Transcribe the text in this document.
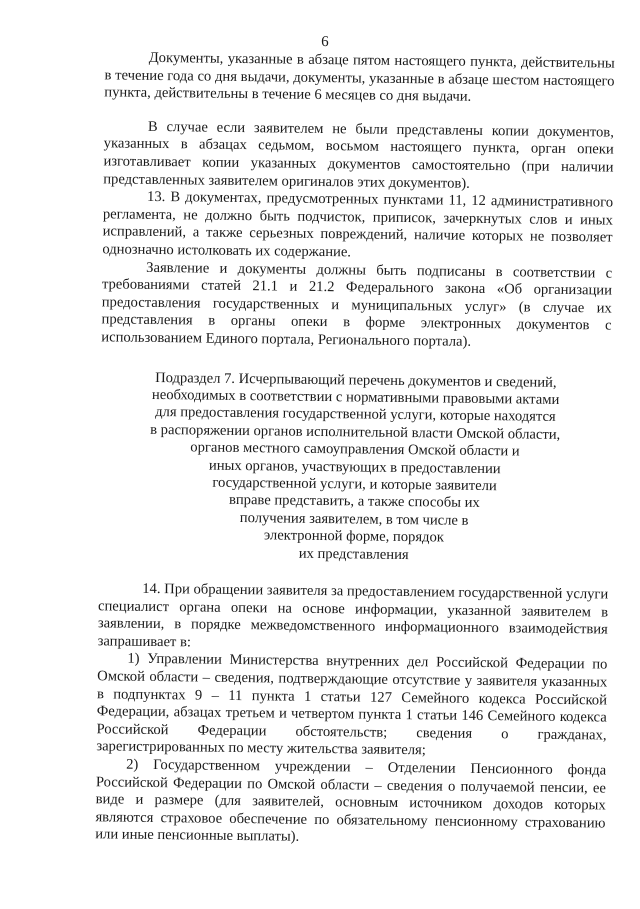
6

Документы, указанные в абзаце пятом настоящего пункта, действительны в течение года со дня выдачи, документы, указанные в абзаце шестом настоящего пункта, действительны в течение 6 месяцев со дня выдачи.

В случае если заявителем не были представлены копии документов, указанных в абзацах седьмом, восьмом настоящего пункта, орган опеки изготавливает копии указанных документов самостоятельно (при наличии представленных заявителем оригиналов этих документов).

13. В документах, предусмотренных пунктами 11, 12 административного регламента, не должно быть подчисток, приписок, зачеркнутых слов и иных исправлений, а также серьезных повреждений, наличие которых не позволяет однозначно истолковать их содержание.

Заявление и документы должны быть подписаны в соответствии с требованиями статей 21.1 и 21.2 Федерального закона «Об организации предоставления государственных и муниципальных услуг» (в случае их представления в органы опеки в форме электронных документов с использованием Единого портала, Регионального портала).

Подраздел 7. Исчерпывающий перечень документов и сведений,
необходимых в соответствии с нормативными правовыми актами
для предоставления государственной услуги, которые находятся
в распоряжении органов исполнительной власти Омской области,
органов местного самоуправления Омской области и
иных органов, участвующих в предоставлении
государственной услуги, и которые заявители
вправе представить, а также способы их
получения заявителем, в том числе в
электронной форме, порядок
их представления

14. При обращении заявителя за предоставлением государственной услуги специалист органа опеки на основе информации, указанной заявителем в заявлении, в порядке межведомственного информационного взаимодействия запрашивает в:

1) Управлении Министерства внутренних дел Российской Федерации по Омской области – сведения, подтверждающие отсутствие у заявителя указанных в подпунктах 9 – 11 пункта 1 статьи 127 Семейного кодекса Российской Федерации, абзацах третьем и четвертом пункта 1 статьи 146 Семейного кодекса Российской Федерации обстоятельств; сведения о гражданах, зарегистрированных по месту жительства заявителя;

2) Государственном учреждении – Отделении Пенсионного фонда Российской Федерации по Омской области – сведения о получаемой пенсии, ее виде и размере (для заявителей, основным источником доходов которых являются страховое обеспечение по обязательному пенсионному страхованию или иные пенсионные выплаты).
